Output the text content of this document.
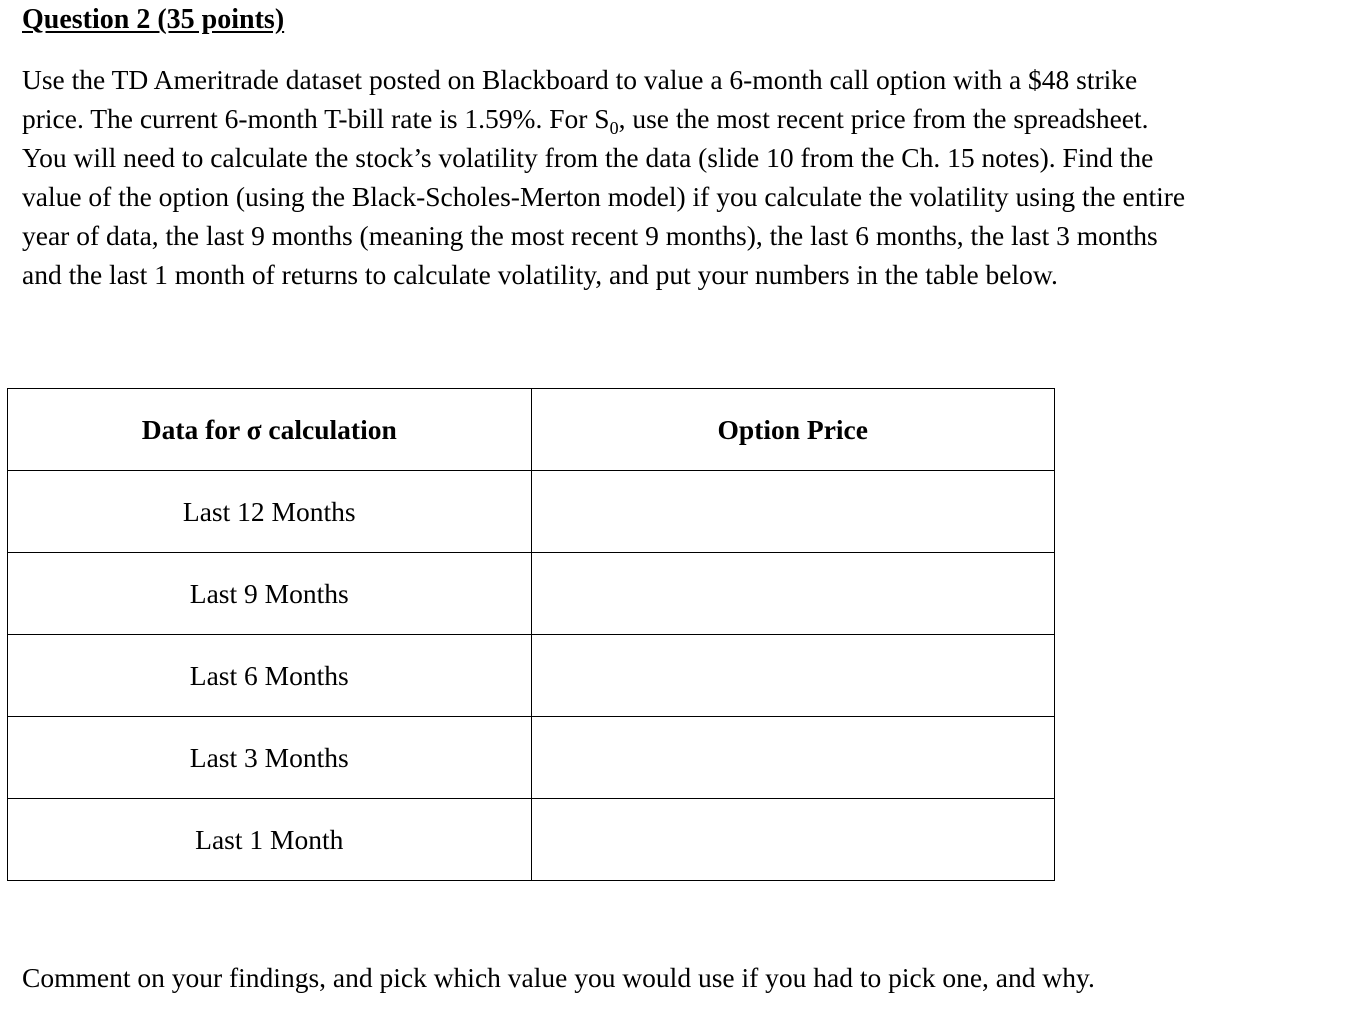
Question 2 (35 points)
Use the TD Ameritrade dataset posted on Blackboard to value a 6-month call option with a $48 strike
price. The current 6-month T-bill rate is 1.59%. For $S_0$, use the most recent price from the spreadsheet.
You will need to calculate the stock’s volatility from the data (slide 10 from the Ch. 15 notes). Find the
value of the option (using the Black-Scholes-Merton model) if you calculate the volatility using the entire
year of data, the last 9 months (meaning the most recent 9 months), the last 6 months, the last 3 months
and the last 1 month of returns to calculate volatility, and put your numbers in the table below.
Data for σ calculation	Option Price
Last 12 Months	
Last 9 Months	
Last 6 Months	
Last 3 Months	
Last 1 Month	
Comment on your findings, and pick which value you would use if you had to pick one, and why.
